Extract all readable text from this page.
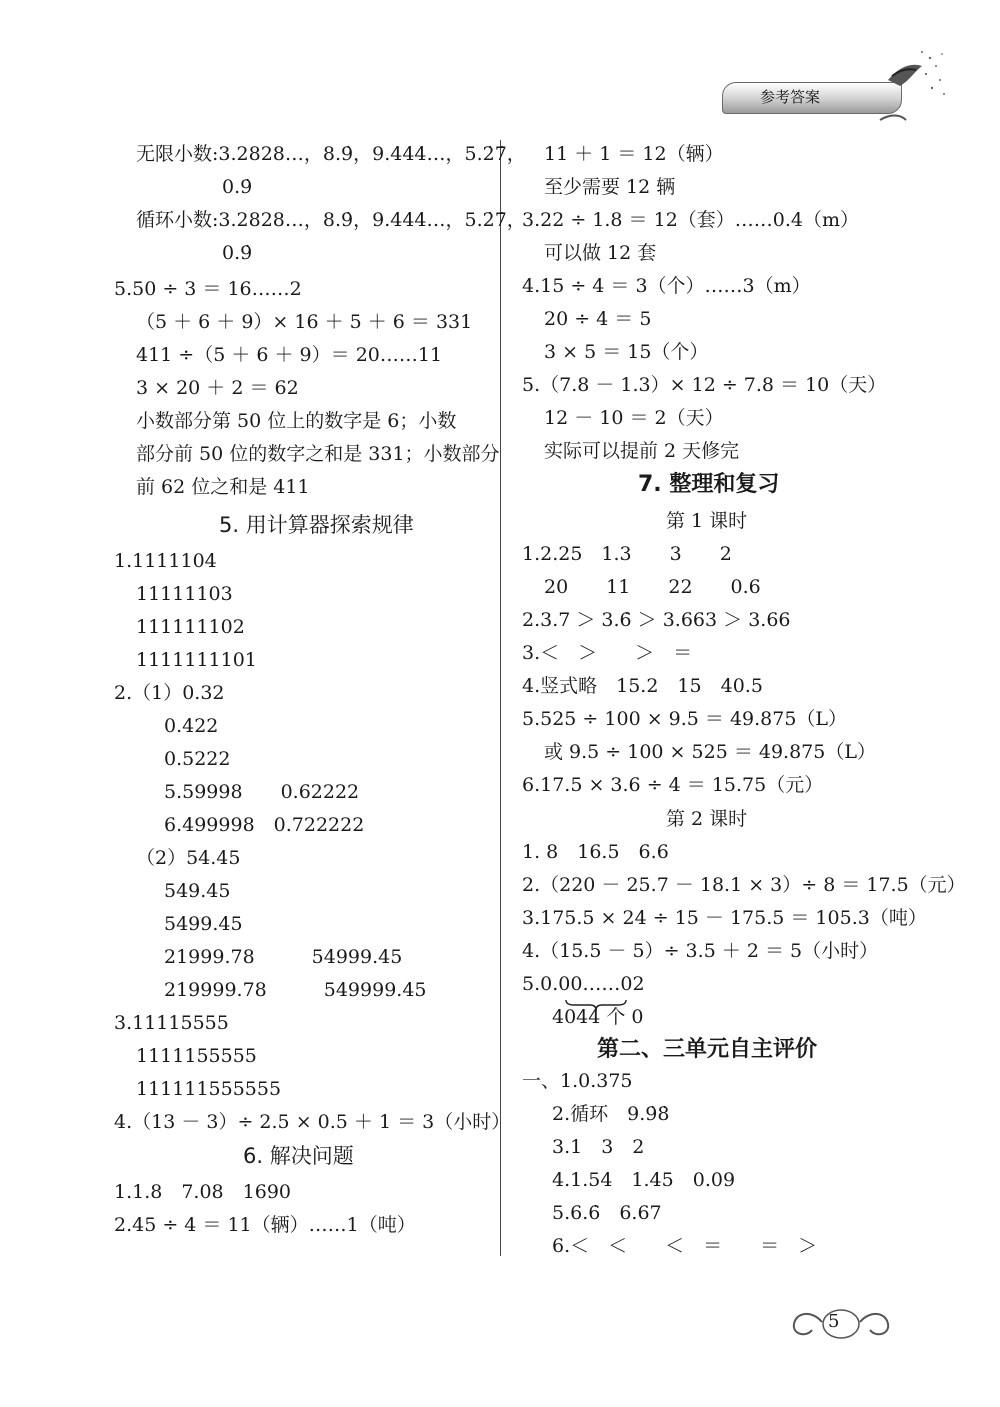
参考答案
无限小数:3.2828…，8.9̇，9.444…，5.2̇7̇，
0.9̇
循环小数:3.2828…，8.9̇，9.444…，5.2̇7̇，
0.9̇
5.50 ÷ 3 ＝ 16……2
（5 ＋ 6 ＋ 9）× 16 ＋ 5 ＋ 6 ＝ 331
411 ÷（5 ＋ 6 ＋ 9）＝ 20……11
3 × 20 ＋ 2 ＝ 62
小数部分第 50 位上的数字是 6；小数
部分前 50 位的数字之和是 331；小数部分
前 62 位之和是 411
5. 用计算器探索规律
1.1111104
11111103
111111102
1111111101
2.（1）0.32
0.422
0.5222
5.59998　　0.62222
6.499998　0.722222
（2）54.45
549.45
5499.45
21999.78　　　54999.45
219999.78　　　549999.45
3.11115555
1111155555
111111555555
4.（13 － 3）÷ 2.5 × 0.5 ＋ 1 ＝ 3（小时）
6. 解决问题
1.1.8　7.08　1690
2.45 ÷ 4 ＝ 11（辆）……1（吨）
11 ＋ 1 ＝ 12（辆）
至少需要 12 辆
3.22 ÷ 1.8 ＝ 12（套）……0.4（m）
可以做 12 套
4.15 ÷ 4 ＝ 3（个）……3（m）
20 ÷ 4 ＝ 5
3 × 5 ＝ 15（个）
5.（7.8 － 1.3）× 12 ÷ 7.8 ＝ 10（天）
12 － 10 ＝ 2（天）
实际可以提前 2 天修完
7. 整理和复习
第 1 课时
1.2.25　1.3　　3　　2
20　　11　　22　　0.6
2.3.7 ＞ 3.6̇ ＞ 3.663 ＞ 3.66
3.＜　＞　　＞　＝
4.竖式略　15.2　15　40.5
5.525 ÷ 100 × 9.5 ＝ 49.875（L）
或 9.5 ÷ 100 × 525 ＝ 49.875（L）
6.17.5 × 3.6 ÷ 4 ＝ 15.75（元）
第 2 课时
1. 8　16.5　6.6
2.（220 － 25.7 － 18.1 × 3）÷ 8 ＝ 17.5（元）
3.175.5 × 24 ÷ 15 － 175.5 ＝ 105.3（吨）
4.（15.5 － 5）÷ 3.5 ＋ 2 ＝ 5（小时）
5.0.00……02
4044 个 0
第二、三单元自主评价
一、1.0.375
2.循环　9.9̇8̇
3.1　3　2
4.1.54　1.45　0.09
5.6.6̇　6.67
6.＜　＜　　＜　＝　　＝　＞
5
